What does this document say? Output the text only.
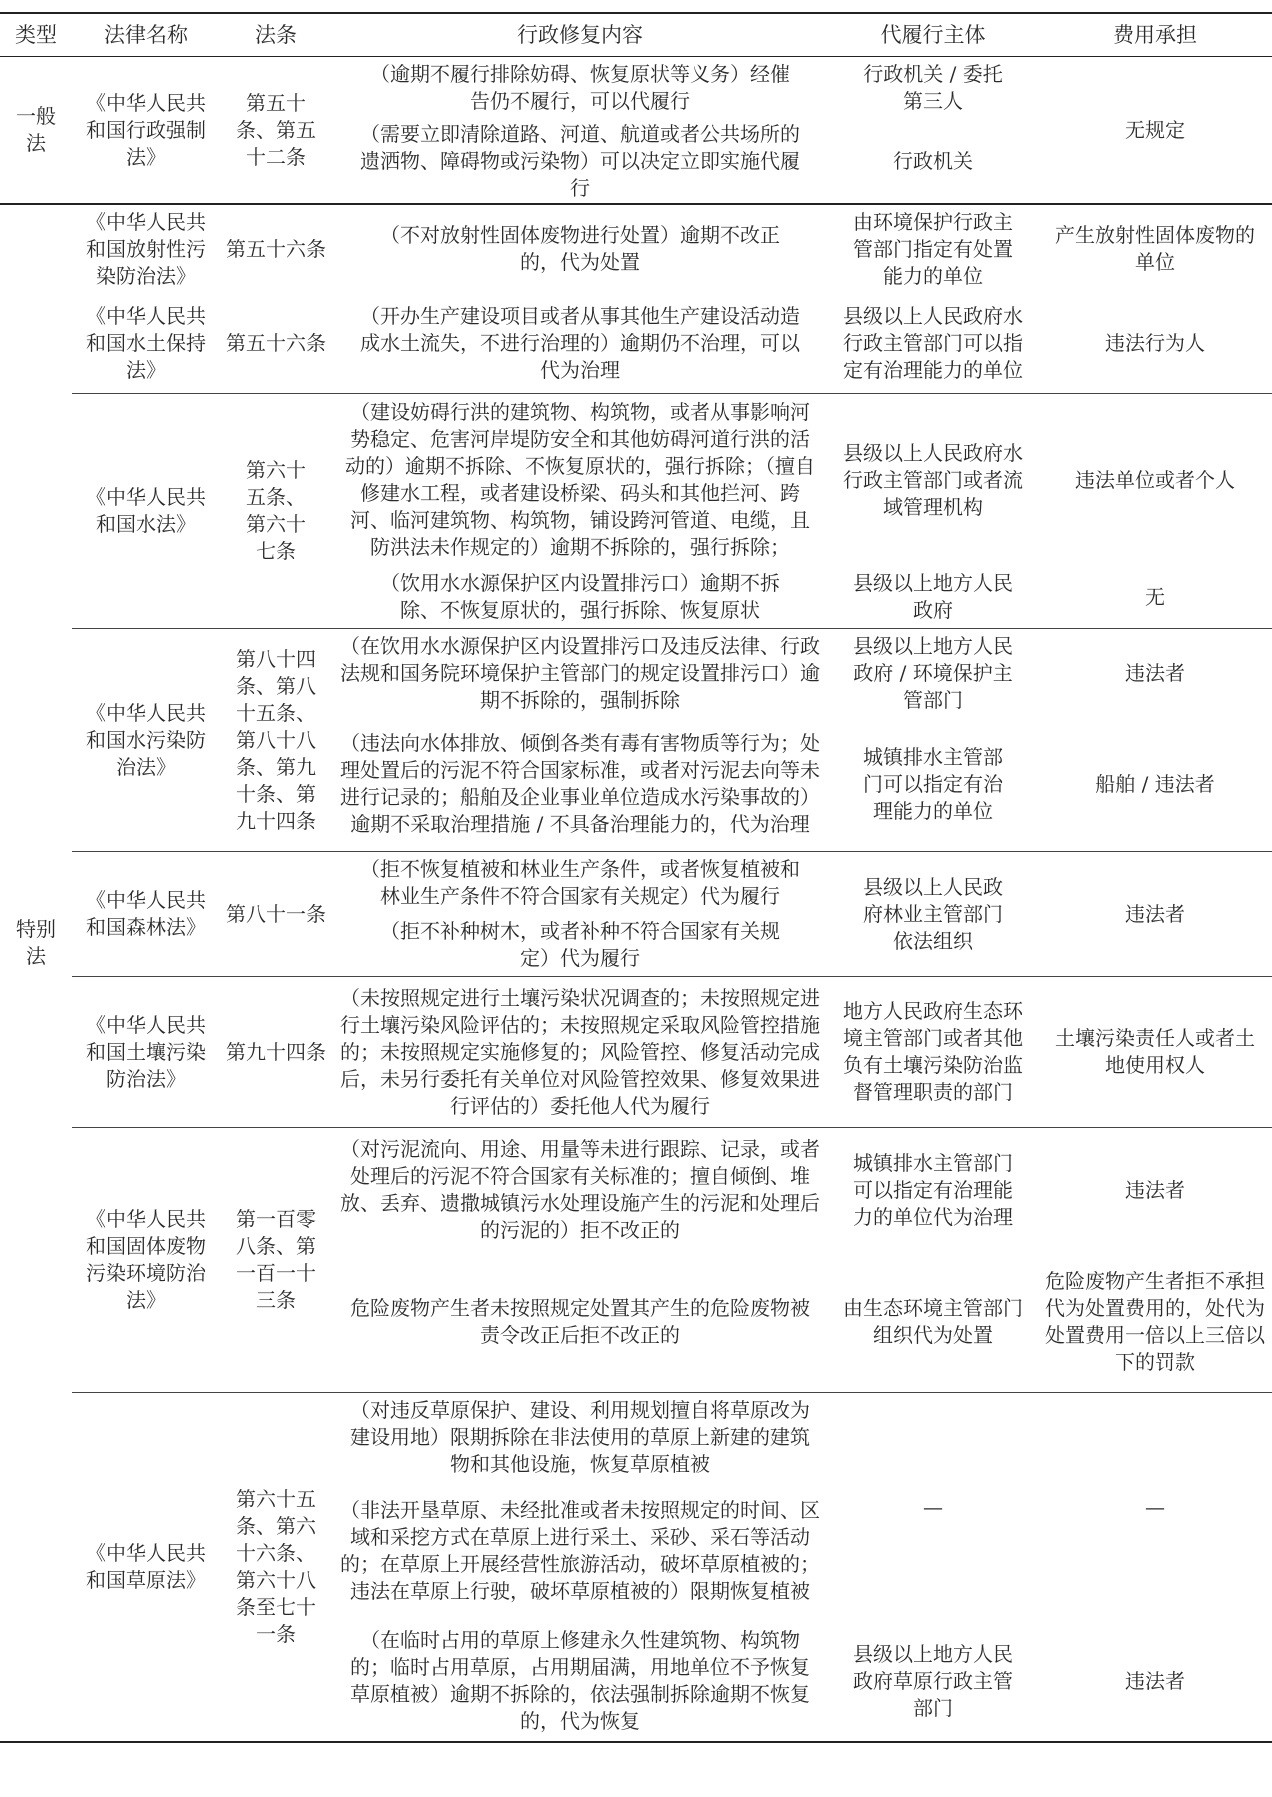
类型	法律名称	法条	行政修复内容	代履行主体	费用承担
一般法	《中华人民共和国行政强制法》	第五十条、第五十二条	（逾期不履行排除妨碍、恢复原状等义务）经催告仍不履行，可以代履行	行政机关 / 委托第三人	无规定
			（需要立即清除道路、河道、航道或者公共场所的遗洒物、障碍物或污染物）可以决定立即实施代履行	行政机关	
特别法	《中华人民共和国放射性污染防治法》	第五十六条	（不对放射性固体废物进行处置）逾期不改正的，代为处置	由环境保护行政主管部门指定有处置能力的单位	产生放射性固体废物的单位
	《中华人民共和国水土保持法》	第五十六条	（开办生产建设项目或者从事其他生产建设活动造成水土流失，不进行治理的）逾期仍不治理，可以代为治理	县级以上人民政府水行政主管部门可以指定有治理能力的单位	违法行为人
	《中华人民共和国水法》	第六十五条、第六十七条	（建设妨碍行洪的建筑物、构筑物，或者从事影响河势稳定、危害河岸堤防安全和其他妨碍河道行洪的活动的）逾期不拆除、不恢复原状的，强行拆除；（擅自修建水工程，或者建设桥梁、码头和其他拦河、跨河、临河建筑物、构筑物，铺设跨河管道、电缆，且防洪法未作规定的）逾期不拆除的，强行拆除；	县级以上人民政府水行政主管部门或者流域管理机构	违法单位或者个人
			（饮用水水源保护区内设置排污口）逾期不拆除、不恢复原状的，强行拆除、恢复原状	县级以上地方人民政府	无
	《中华人民共和国水污染防治法》	第八十四条、第八十五条、第八十八条、第九十条、第九十四条	（在饮用水水源保护区内设置排污口及违反法律、行政法规和国务院环境保护主管部门的规定设置排污口）逾期不拆除的，强制拆除	县级以上地方人民政府 / 环境保护主管部门	违法者
			（违法向水体排放、倾倒各类有毒有害物质等行为；处理处置后的污泥不符合国家标准，或者对污泥去向等未进行记录的；船舶及企业事业单位造成水污染事故的）逾期不采取治理措施 / 不具备治理能力的，代为治理	城镇排水主管部门可以指定有治理能力的单位	船舶 / 违法者
	《中华人民共和国森林法》	第八十一条	（拒不恢复植被和林业生产条件，或者恢复植被和林业生产条件不符合国家有关规定）代为履行	县级以上人民政府林业主管部门依法组织	违法者
			（拒不补种树木，或者补种不符合国家有关规定）代为履行		
	《中华人民共和国土壤污染防治法》	第九十四条	（未按照规定进行土壤污染状况调查的；未按照规定进行土壤污染风险评估的；未按照规定采取风险管控措施的；未按照规定实施修复的；风险管控、修复活动完成后，未另行委托有关单位对风险管控效果、修复效果进行评估的）委托他人代为履行	地方人民政府生态环境主管部门或者其他负有土壤污染防治监督管理职责的部门	土壤污染责任人或者土地使用权人
	《中华人民共和国固体废物污染环境防治法》	第一百零八条、第一百一十三条	（对污泥流向、用途、用量等未进行跟踪、记录，或者处理后的污泥不符合国家有关标准的；擅自倾倒、堆放、丢弃、遗撒城镇污水处理设施产生的污泥和处理后的污泥的）拒不改正的	城镇排水主管部门可以指定有治理能力的单位代为治理	违法者
			危险废物产生者未按照规定处置其产生的危险废物被责令改正后拒不改正的	由生态环境主管部门组织代为处置	危险废物产生者拒不承担代为处置费用的，处代为处置费用一倍以上三倍以下的罚款
	《中华人民共和国草原法》	第六十五条、第六十六条、第六十八条至七十一条	（对违反草原保护、建设、利用规划擅自将草原改为建设用地）限期拆除在非法使用的草原上新建的建筑物和其他设施，恢复草原植被	—	—
			（非法开垦草原、未经批准或者未按照规定的时间、区域和采挖方式在草原上进行采土、采砂、采石等活动的；在草原上开展经营性旅游活动，破坏草原植被的；违法在草原上行驶，破坏草原植被的）限期恢复植被		
			（在临时占用的草原上修建永久性建筑物、构筑物的；临时占用草原，占用期届满，用地单位不予恢复草原植被）逾期不拆除的，依法强制拆除逾期不恢复的，代为恢复	县级以上地方人民政府草原行政主管部门	违法者
